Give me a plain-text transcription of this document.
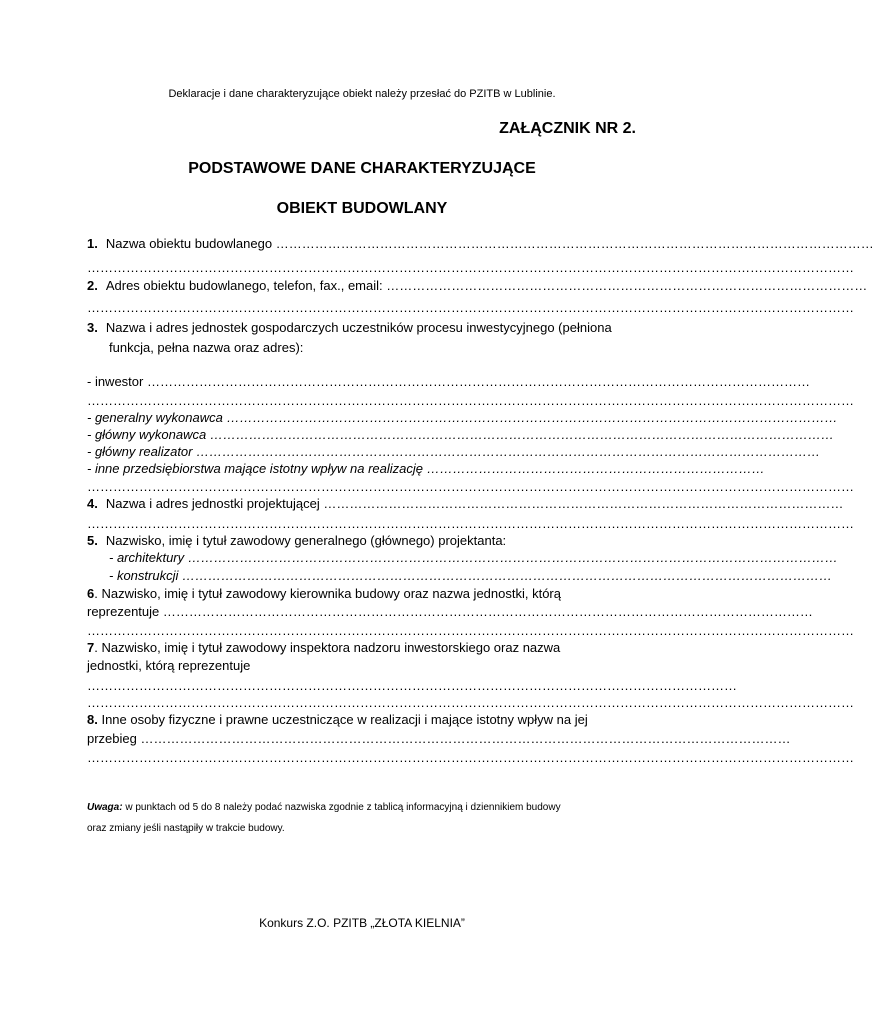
Deklaracje i dane charakteryzujące obiekt należy przesłać do PZITB w Lublinie.
ZAŁĄCZNIK NR 2.
PODSTAWOWE DANE CHARAKTERYZUJĄCE
OBIEKT BUDOWLANY
1. Nazwa obiektu budowlanego …………………………………………………………………………………………………………………………
……………………………………………………………………………………………………………………………………………………………
2. Adres obiektu budowlanego, telefon, fax., email: …………………………………………………………………………………………………
……………………………………………………………………………………………………………………………………………………………
3. Nazwa i adres jednostek gospodarczych uczestników procesu inwestycyjnego (pełniona
funkcja, pełna nazwa oraz adres):
- inwestor ………………………………………………………………………………………………………………………………………
……………………………………………………………………………………………………………………………………………………………
- generalny wykonawca ……………………………………………………………………………………………………………………………
- główny wykonawca ………………………………………………………………………………………………………………………………
- główny realizator ………………………………………………………………………………………………………………………………
- inne przedsiębiorstwa mające istotny wpływ na realizację ……………………………………………………………………
……………………………………………………………………………………………………………………………………………………………
4. Nazwa i adres jednostki projektującej …………………………………………………………………………………………………………
……………………………………………………………………………………………………………………………………………………………
5. Nazwisko, imię i tytuł zawodowy generalnego (głównego) projektanta:
- architektury ……………………………………………………………………………………………………………………………………
- konstrukcji ……………………………………………………………………………………………………………………………………
6. Nazwisko, imię i tytuł zawodowy kierownika budowy oraz nazwa jednostki, którą
reprezentuje ……………………………………………………………………………………………………………………………………
……………………………………………………………………………………………………………………………………………………………
7. Nazwisko, imię i tytuł zawodowy inspektora nadzoru inwestorskiego oraz nazwa
jednostki, którą reprezentuje
……………………………………………………………………………………………………………………………………
……………………………………………………………………………………………………………………………………………………………
8. Inne osoby fizyczne i prawne uczestniczące w realizacji i mające istotny wpływ na jej
przebieg ……………………………………………………………………………………………………………………………………
……………………………………………………………………………………………………………………………………………………………
Uwaga: w punktach od 5 do 8 należy podać nazwiska zgodnie z tablicą informacyjną i dziennikiem budowy
oraz zmiany jeśli nastąpiły w trakcie budowy.
Konkurs Z.O. PZITB „ZŁOTA KIELNIA”
